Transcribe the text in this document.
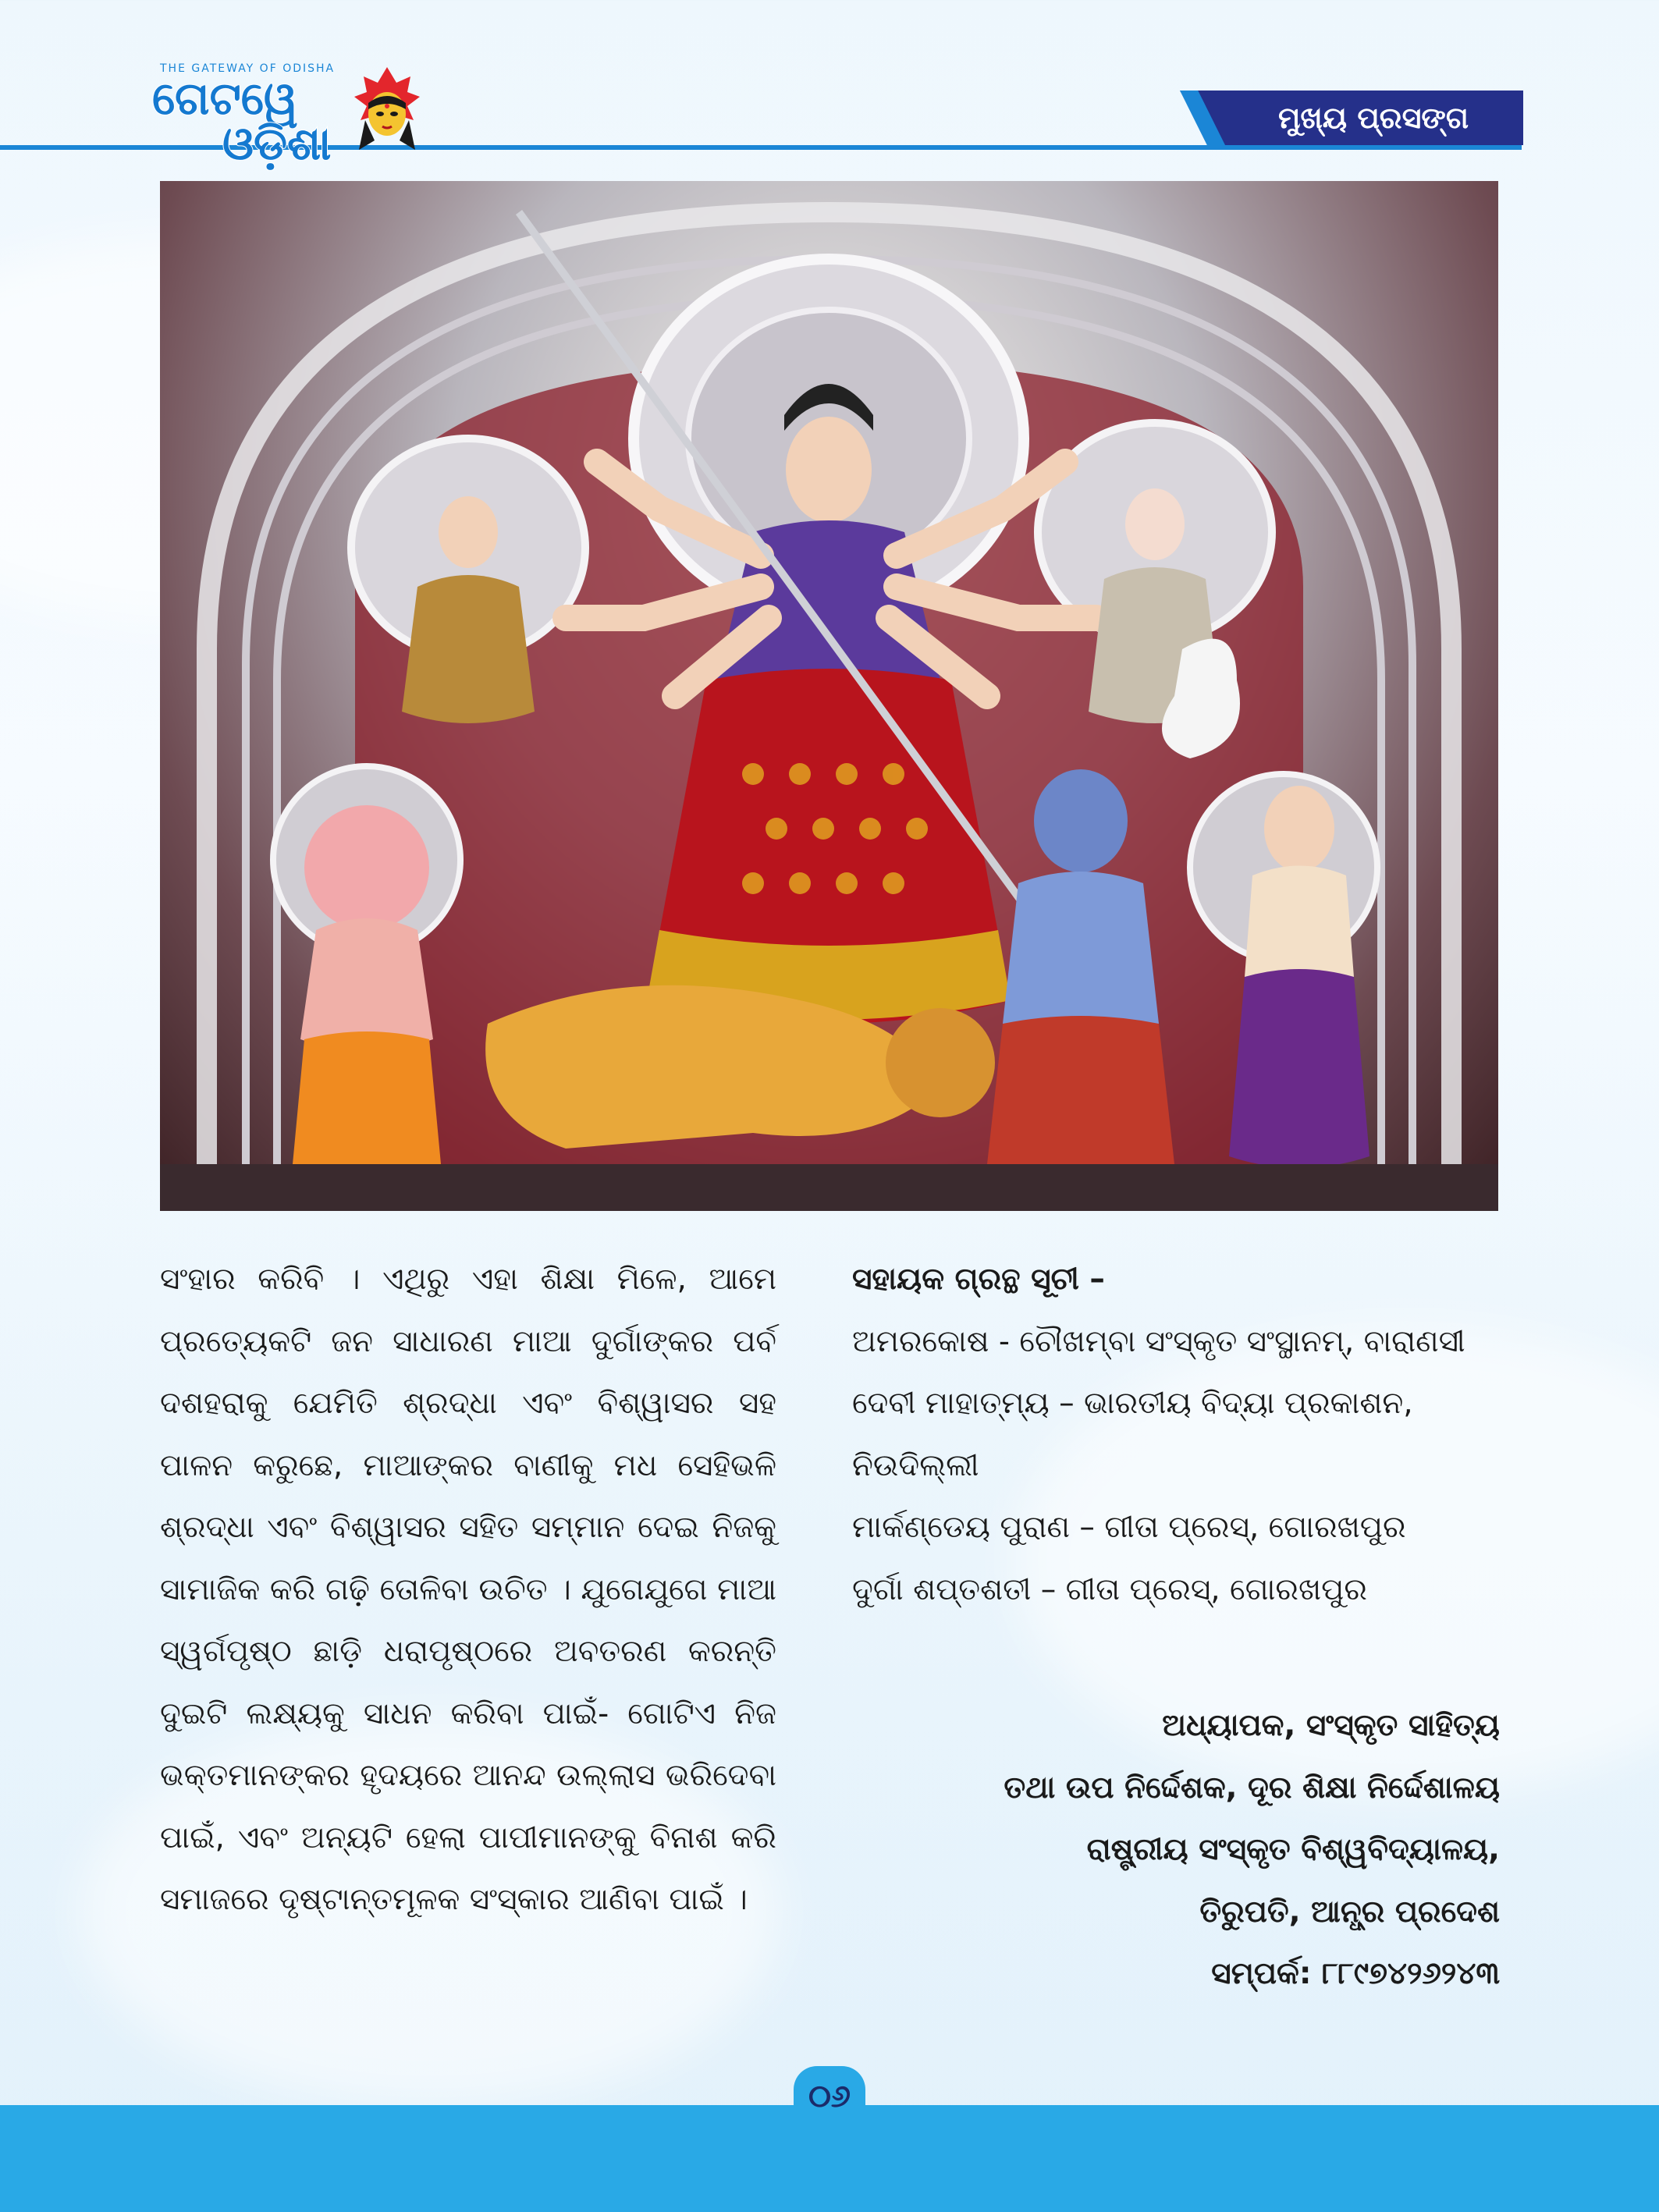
THE GATEWAY OF ODISHA
ଗେଟୱେ
ଓଡ଼ିଶା	ମୁଖ୍ୟ ପ୍ରସଙ୍ଗ
ସଂହାର କରିବି । ଏଥିରୁ ଏହା ଶିକ୍ଷା ମିଳେ, ଆମେ ପ୍ରତ୍ୟେକଟି ଜନ ସାଧାରଣ ମାଆ ଦୁର୍ଗାଙ୍କର ପର୍ବ ଦଶହରାକୁ ଯେମିତି ଶ୍ରଦ୍ଧା ଏବଂ ବିଶ୍ୱାସର ସହ ପାଳନ କରୁଛେ, ମାଆଙ୍କର ବାଣୀକୁ ମଧ ସେହିଭଳି ଶ୍ରଦ୍ଧା ଏବଂ ବିଶ୍ୱାସର ସହିତ ସମ୍ମାନ ଦେଇ ନିଜକୁ ସାମାଜିକ କରି ଗଢ଼ି ତୋଳିବା ଉଚିତ । ଯୁଗେଯୁଗେ ମାଆ ସ୍ୱର୍ଗପୃଷ୍ଠ ଛାଡ଼ି ଧରାପୃଷ୍ଠରେ ଅବତରଣ କରନ୍ତି ଦୁଇଟି ଲକ୍ଷ୍ୟକୁ ସାଧନ କରିବା ପାଇଁ- ଗୋଟିଏ ନିଜ ଭକ୍ତମାନଙ୍କର ହୃଦୟରେ ଆନନ୍ଦ ଉଲ୍ଲାସ ଭରିଦେବା ପାଇଁ, ଏବଂ ଅନ୍ୟଟି ହେଲା ପାପୀମାନଙ୍କୁ ବିନାଶ କରି ସମାଜରେ ଦୃଷ୍ଟାନ୍ତମୂଳକ ସଂସ୍କାର ଆଣିବା ପାଇଁ ।
ସହାୟକ ଗ୍ରନ୍ଥ ସୂଚୀ –
ଅମରକୋଷ - ଚୌଖମ୍ବା ସଂସ୍କୃତ ସଂସ୍ଥାନମ୍, ବାରାଣସୀ
ଦେବୀ ମାହାତ୍ମ୍ୟ – ଭାରତୀୟ ବିଦ୍ୟା ପ୍ରକାଶନ, ନିଉଦିଲ୍ଲୀ
ମାର୍କଣ୍ଡେୟ ପୁରାଣ – ଗୀତା ପ୍ରେସ୍, ଗୋରଖପୁର
ଦୁର୍ଗା ଶପ୍ତଶତୀ – ଗୀତା ପ୍ରେସ୍, ଗୋରଖପୁର
ଅଧ୍ୟାପକ, ସଂସ୍କୃତ ସାହିତ୍ୟ
ତଥା ଉପ ନିର୍ଦ୍ଦେଶକ, ଦୂର ଶିକ୍ଷା ନିର୍ଦ୍ଦେଶାଳୟ
ରାଷ୍ଟ୍ରୀୟ ସଂସ୍କୃତ ବିଶ୍ୱବିଦ୍ୟାଳୟ,
ତିରୁପତି, ଆନ୍ଧ୍ର ପ୍ରଦେଶ
ସମ୍ପର୍କ: ୮୮୯୭୪୨୬୨୪୩
୦୬
